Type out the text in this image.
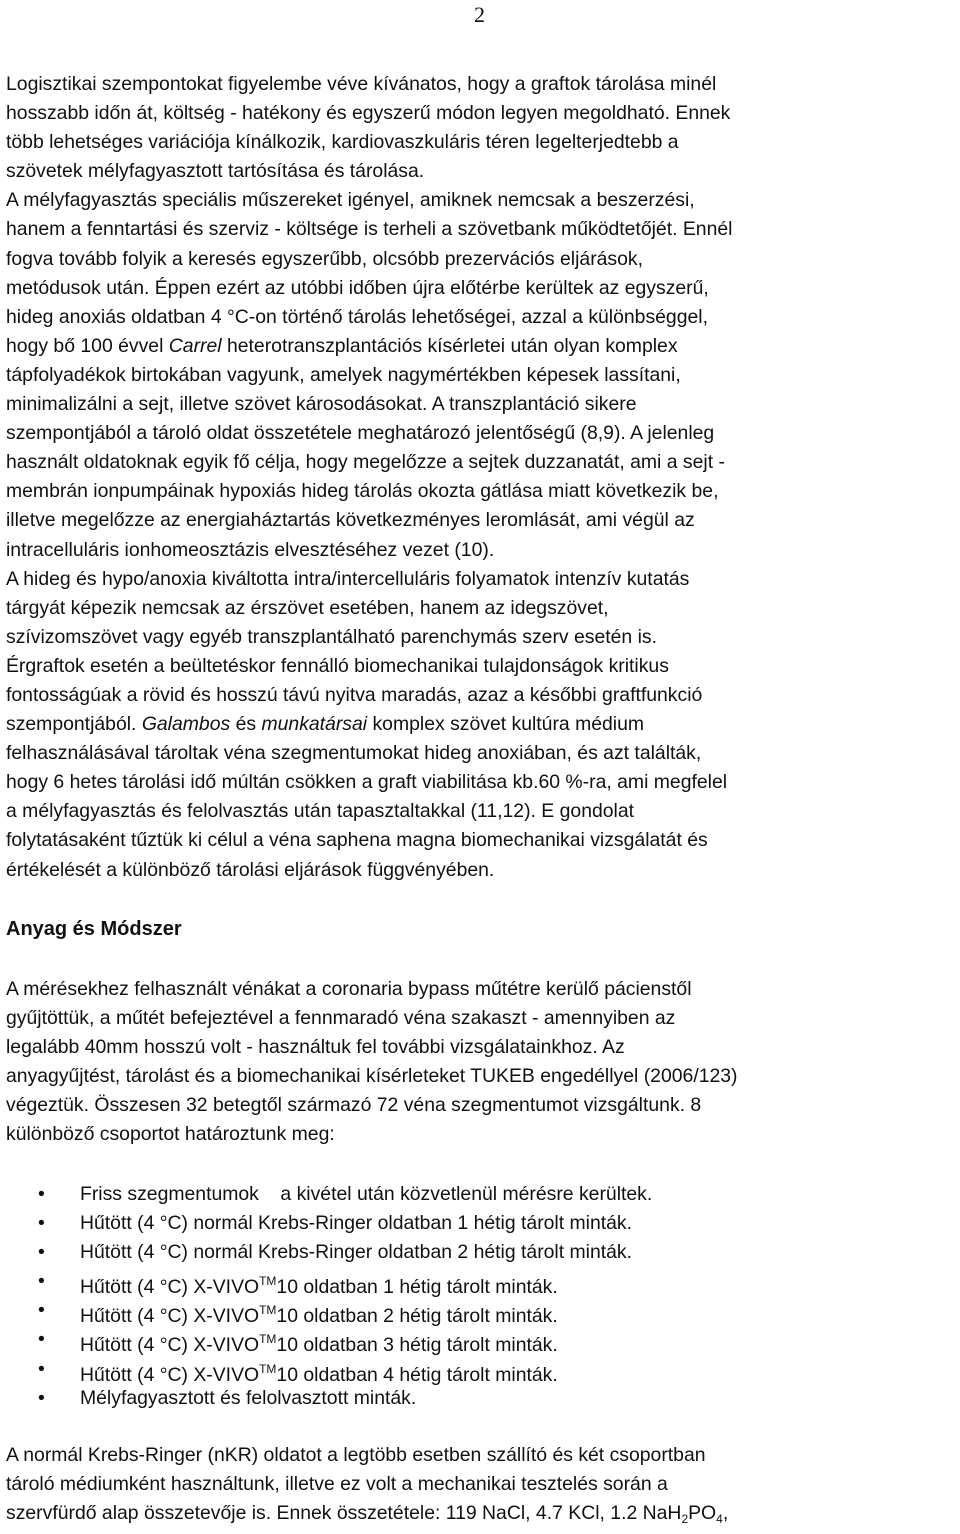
2
Logisztikai szempontokat figyelembe véve kívánatos, hogy a graftok tárolása minél
hosszabb időn át, költség - hatékony és egyszerű módon legyen megoldható. Ennek
több lehetséges variációja kínálkozik, kardiovaszkuláris téren legelterjedtebb a
szövetek mélyfagyasztott tartósítása és tárolása.
A mélyfagyasztás speciális műszereket igényel, amiknek nemcsak a beszerzési,
hanem a fenntartási és szerviz - költsége is terheli a szövetbank működtetőjét. Ennél
fogva tovább folyik a keresés egyszerűbb, olcsóbb prezervációs eljárások,
metódusok után. Éppen ezért az utóbbi időben újra előtérbe kerültek az egyszerű,
hideg anoxiás oldatban 4 °C-on történő tárolás lehetőségei, azzal a különbséggel,
hogy bő 100 évvel Carrel heterotranszplantációs kísérletei után olyan komplex
tápfolyadékok birtokában vagyunk, amelyek nagymértékben képesek lassítani,
minimalizálni a sejt, illetve szövet károsodásokat. A transzplantáció sikere
szempontjából a tároló oldat összetétele meghatározó jelentőségű (8,9). A jelenleg
használt oldatoknak egyik fő célja, hogy megelőzze a sejtek duzzanatát, ami a sejt -
membrán ionpumpáinak hypoxiás hideg tárolás okozta gátlása miatt következik be,
illetve megelőzze az energiaháztartás következményes leromlását, ami végül az
intracelluláris ionhomeosztázis elvesztéséhez vezet (10).
A hideg és hypo/anoxia kiváltotta intra/intercelluláris folyamatok intenzív kutatás
tárgyát képezik nemcsak az érszövet esetében, hanem az idegszövet,
szívizomszövet vagy egyéb transzplantálható parenchymás szerv esetén is.
Érgraftok esetén a beültetéskor fennálló biomechanikai tulajdonságok kritikus
fontosságúak a rövid és hosszú távú nyitva maradás, azaz a későbbi graftfunkció
szempontjából. Galambos és munkatársai komplex szövet kultúra médium
felhasználásával tároltak véna szegmentumokat hideg anoxiában, és azt találták,
hogy 6 hetes tárolási idő múltán csökken a graft viabilitása kb.60 %-ra, ami megfelel
a mélyfagyasztás és felolvasztás után tapasztaltakkal (11,12). E gondolat
folytatásaként tűztük ki célul a véna saphena magna biomechanikai vizsgálatát és
értékelését a különböző tárolási eljárások függvényében.
Anyag és Módszer
A mérésekhez felhasznált vénákat a coronaria bypass műtétre kerülő pácienstől
gyűjtöttük, a műtét befejeztével a fennmaradó véna szakaszt - amennyiben az
legalább 40mm hosszú volt - használtuk fel további vizsgálatainkhoz. Az
anyagyűjtést, tárolást és a biomechanikai kísérleteket TUKEB engedéllyel (2006/123)
végeztük. Összesen 32 betegtől származó 72 véna szegmentumot vizsgáltunk. 8
különböző csoportot határoztunk meg:
• Friss szegmentumok    a kivétel után közvetlenül mérésre kerültek.
• Hűtött (4 °C) normál Krebs-Ringer oldatban 1 hétig tárolt minták.
• Hűtött (4 °C) normál Krebs-Ringer oldatban 2 hétig tárolt minták.
• Hűtött (4 °C) X-VIVO™10 oldatban 1 hétig tárolt minták.
• Hűtött (4 °C) X-VIVO™10 oldatban 2 hétig tárolt minták.
• Hűtött (4 °C) X-VIVO™10 oldatban 3 hétig tárolt minták.
• Hűtött (4 °C) X-VIVO™10 oldatban 4 hétig tárolt minták.
• Mélyfagyasztott és felolvasztott minták.
A normál Krebs-Ringer (nKR) oldatot a legtöbb esetben szállító és két csoportban
tároló médiumként használtunk, illetve ez volt a mechanikai tesztelés során a
szervfürdő alap összetevője is. Ennek összetétele: 119 NaCl, 4.7 KCl, 1.2 $NaH_2PO_4$,
